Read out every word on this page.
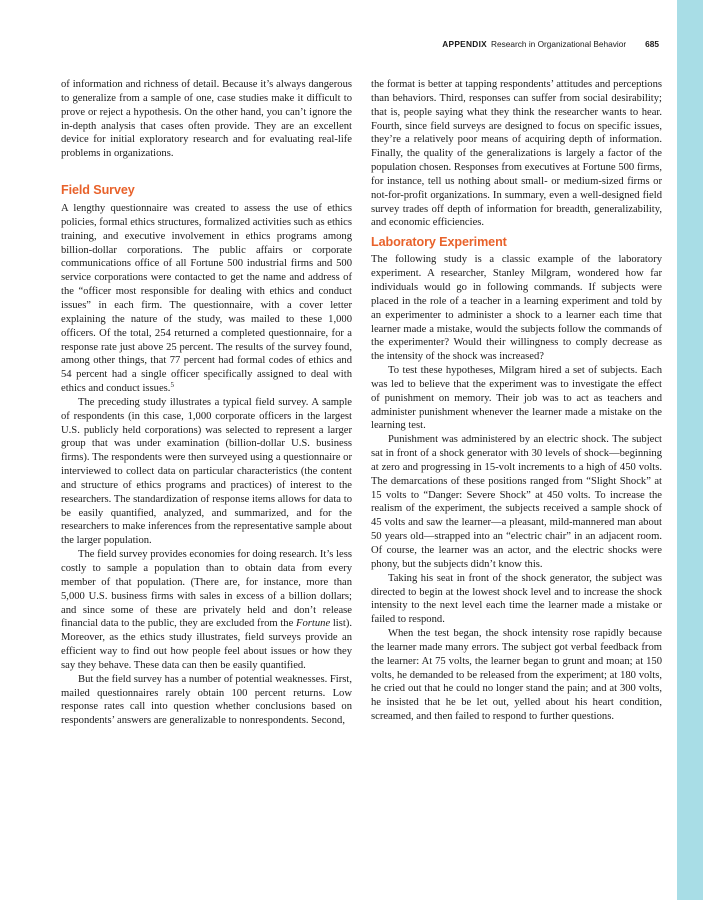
APPENDIX Research in Organizational Behavior 685

of information and richness of detail. Because it’s always dangerous to generalize from a sample of one, case studies make it difficult to prove or reject a hypothesis. On the other hand, you can’t ignore the in-depth analysis that cases often provide. They are an excellent device for initial exploratory research and for evaluating real-life problems in organizations.

Field Survey

A lengthy questionnaire was created to assess the use of ethics policies, formal ethics structures, formalized activities such as ethics training, and executive involvement in ethics programs among billion-dollar corporations. The public affairs or corporate communications office of all Fortune 500 industrial firms and 500 service corporations were contacted to get the name and address of the “officer most responsible for dealing with ethics and conduct issues” in each firm. The questionnaire, with a cover letter explaining the nature of the study, was mailed to these 1,000 officers. Of the total, 254 returned a completed questionnaire, for a response rate just above 25 percent. The results of the survey found, among other things, that 77 percent had formal codes of ethics and 54 percent had a single officer specifically assigned to deal with ethics and conduct issues.$^5$

The preceding study illustrates a typical field survey. A sample of respondents (in this case, 1,000 corporate officers in the largest U.S. publicly held corporations) was selected to represent a larger group that was under examination (billion-dollar U.S. business firms). The respondents were then surveyed using a questionnaire or interviewed to collect data on particular characteristics (the content and structure of ethics programs and practices) of interest to the researchers. The standardization of response items allows for data to be easily quantified, analyzed, and summarized, and for the researchers to make inferences from the representative sample about the larger population.

The field survey provides economies for doing research. It’s less costly to sample a population than to obtain data from every member of that population. (There are, for instance, more than 5,000 U.S. business firms with sales in excess of a billion dollars; and since some of these are privately held and don’t release financial data to the public, they are excluded from the Fortune list). Moreover, as the ethics study illustrates, field surveys provide an efficient way to find out how people feel about issues or how they say they behave. These data can then be easily quantified.

But the field survey has a number of potential weaknesses. First, mailed questionnaires rarely obtain 100 percent returns. Low response rates call into question whether conclusions based on respondents’ answers are generalizable to nonrespondents. Second,

the format is better at tapping respondents’ attitudes and perceptions than behaviors. Third, responses can suffer from social desirability; that is, people saying what they think the researcher wants to hear. Fourth, since field surveys are designed to focus on specific issues, they’re a relatively poor means of acquiring depth of information. Finally, the quality of the generalizations is largely a factor of the population chosen. Responses from executives at Fortune 500 firms, for instance, tell us nothing about small- or medium-sized firms or not-for-profit organizations. In summary, even a well-designed field survey trades off depth of information for breadth, generalizability, and economic efficiencies.

Laboratory Experiment

The following study is a classic example of the laboratory experiment. A researcher, Stanley Milgram, wondered how far individuals would go in following commands. If subjects were placed in the role of a teacher in a learning experiment and told by an experimenter to administer a shock to a learner each time that learner made a mistake, would the subjects follow the commands of the experimenter? Would their willingness to comply decrease as the intensity of the shock was increased?

To test these hypotheses, Milgram hired a set of subjects. Each was led to believe that the experiment was to investigate the effect of punishment on memory. Their job was to act as teachers and administer punishment whenever the learner made a mistake on the learning test.

Punishment was administered by an electric shock. The subject sat in front of a shock generator with 30 levels of shock—beginning at zero and progressing in 15-volt increments to a high of 450 volts. The demarcations of these positions ranged from “Slight Shock” at 15 volts to “Danger: Severe Shock” at 450 volts. To increase the realism of the experiment, the subjects received a sample shock of 45 volts and saw the learner—a pleasant, mild-mannered man about 50 years old—strapped into an “electric chair” in an adjacent room. Of course, the learner was an actor, and the electric shocks were phony, but the subjects didn’t know this.

Taking his seat in front of the shock generator, the subject was directed to begin at the lowest shock level and to increase the shock intensity to the next level each time the learner made a mistake or failed to respond.

When the test began, the shock intensity rose rapidly because the learner made many errors. The subject got verbal feedback from the learner: At 75 volts, the learner began to grunt and moan; at 150 volts, he demanded to be released from the experiment; at 180 volts, he cried out that he could no longer stand the pain; and at 300 volts, he insisted that he be let out, yelled about his heart condition, screamed, and then failed to respond to further questions.
